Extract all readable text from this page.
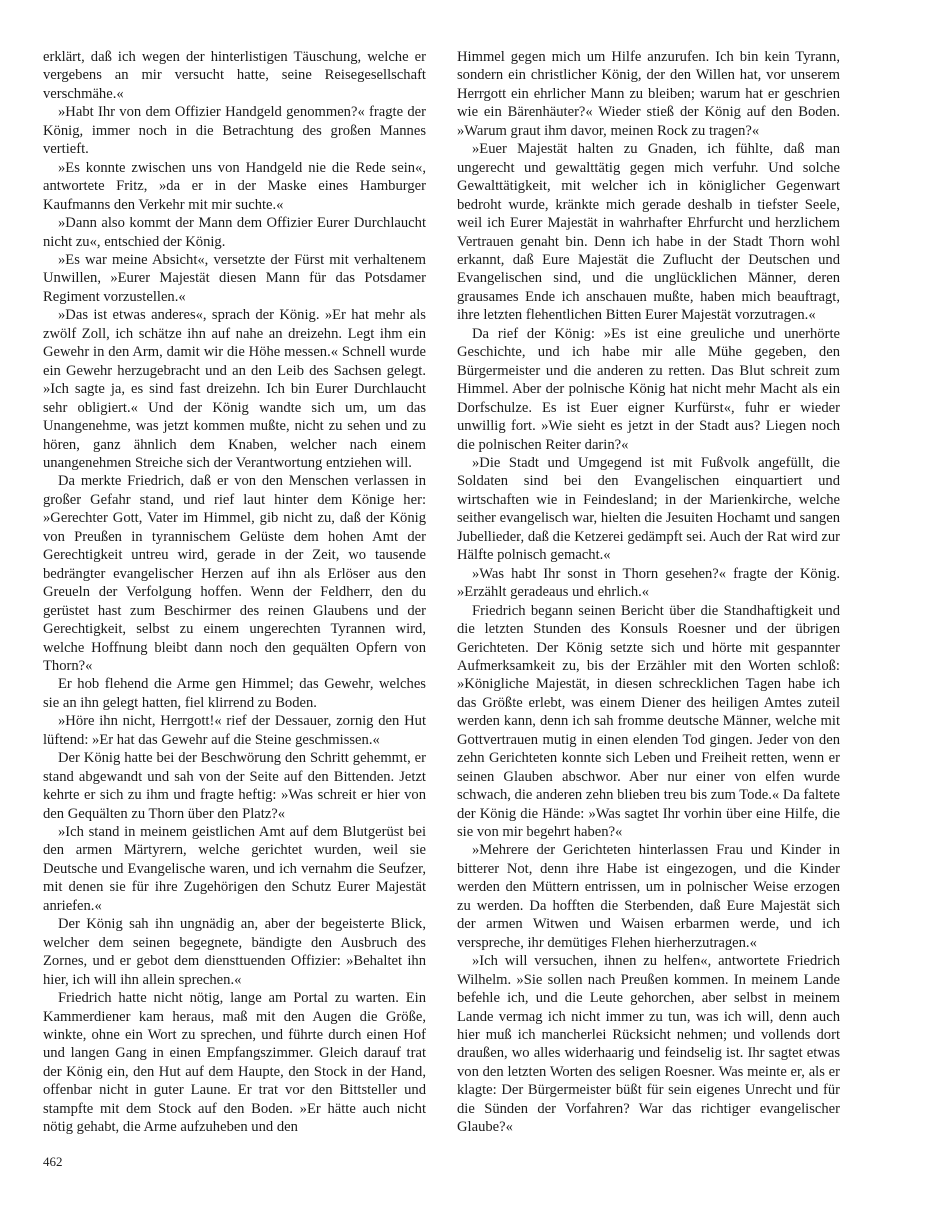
erklärt, daß ich wegen der hinterlistigen Täuschung, welche er vergebens an mir versucht hatte, seine Reisegesellschaft verschmähe.«

»Habt Ihr von dem Offizier Handgeld genommen?« fragte der König, immer noch in die Betrachtung des großen Mannes vertieft.

»Es konnte zwischen uns von Handgeld nie die Rede sein«, antwortete Fritz, »da er in der Maske eines Hamburger Kaufmanns den Verkehr mit mir suchte.«

»Dann also kommt der Mann dem Offizier Eurer Durchlaucht nicht zu«, entschied der König.

»Es war meine Absicht«, versetzte der Fürst mit verhaltenem Unwillen, »Eurer Majestät diesen Mann für das Potsdamer Regiment vorzustellen.«

»Das ist etwas anderes«, sprach der König. »Er hat mehr als zwölf Zoll, ich schätze ihn auf nahe an dreizehn. Legt ihm ein Gewehr in den Arm, damit wir die Höhe messen.« Schnell wurde ein Gewehr herzugebracht und an den Leib des Sachsen gelegt. »Ich sagte ja, es sind fast dreizehn. Ich bin Eurer Durchlaucht sehr obligiert.« Und der König wandte sich um, um das Unangenehme, was jetzt kommen mußte, nicht zu sehen und zu hören, ganz ähnlich dem Knaben, welcher nach einem unangenehmen Streiche sich der Verantwortung entziehen will.

Da merkte Friedrich, daß er von den Menschen verlassen in großer Gefahr stand, und rief laut hinter dem Könige her: »Gerechter Gott, Vater im Himmel, gib nicht zu, daß der König von Preußen in tyrannischem Gelüste dem hohen Amt der Gerechtigkeit untreu wird, gerade in der Zeit, wo tausende bedrängter evangelischer Herzen auf ihn als Erlöser aus den Greueln der Verfolgung hoffen. Wenn der Feldherr, den du gerüstet hast zum Beschirmer des reinen Glaubens und der Gerechtigkeit, selbst zu einem ungerechten Tyrannen wird, welche Hoffnung bleibt dann noch den gequälten Opfern von Thorn?«

Er hob flehend die Arme gen Himmel; das Gewehr, welches sie an ihn gelegt hatten, fiel klirrend zu Boden.

»Höre ihn nicht, Herrgott!« rief der Dessauer, zornig den Hut lüftend: »Er hat das Gewehr auf die Steine geschmissen.«

Der König hatte bei der Beschwörung den Schritt gehemmt, er stand abgewandt und sah von der Seite auf den Bittenden. Jetzt kehrte er sich zu ihm und fragte heftig: »Was schreit er hier von den Gequälten zu Thorn über den Platz?«

»Ich stand in meinem geistlichen Amt auf dem Blutgerüst bei den armen Märtyrern, welche gerichtet wurden, weil sie Deutsche und Evangelische waren, und ich vernahm die Seufzer, mit denen sie für ihre Zugehörigen den Schutz Eurer Majestät anriefen.«

Der König sah ihn ungnädig an, aber der begeisterte Blick, welcher dem seinen begegnete, bändigte den Ausbruch des Zornes, und er gebot dem diensttuenden Offizier: »Behaltet ihn hier, ich will ihn allein sprechen.«

Friedrich hatte nicht nötig, lange am Portal zu warten. Ein Kammerdiener kam heraus, maß mit den Augen die Größe, winkte, ohne ein Wort zu sprechen, und führte durch einen Hof und langen Gang in einen Empfangszimmer. Gleich darauf trat der König ein, den Hut auf dem Haupte, den Stock in der Hand, offenbar nicht in guter Laune. Er trat vor den Bittsteller und stampfte mit dem Stock auf den Boden. »Er hätte auch nicht nötig gehabt, die Arme aufzuheben und den

Himmel gegen mich um Hilfe anzurufen. Ich bin kein Tyrann, sondern ein christlicher König, der den Willen hat, vor unserem Herrgott ein ehrlicher Mann zu bleiben; warum hat er geschrien wie ein Bärenhäuter?« Wieder stieß der König auf den Boden. »Warum graut ihm davor, meinen Rock zu tragen?«

»Euer Majestät halten zu Gnaden, ich fühlte, daß man ungerecht und gewalttätig gegen mich verfuhr. Und solche Gewalttätigkeit, mit welcher ich in königlicher Gegenwart bedroht wurde, kränkte mich gerade deshalb in tiefster Seele, weil ich Eurer Majestät in wahrhafter Ehrfurcht und herzlichem Vertrauen genaht bin. Denn ich habe in der Stadt Thorn wohl erkannt, daß Eure Majestät die Zuflucht der Deutschen und Evangelischen sind, und die unglücklichen Männer, deren grausames Ende ich anschauen mußte, haben mich beauftragt, ihre letzten flehentlichen Bitten Eurer Majestät vorzutragen.«

Da rief der König: »Es ist eine greuliche und unerhörte Geschichte, und ich habe mir alle Mühe gegeben, den Bürgermeister und die anderen zu retten. Das Blut schreit zum Himmel. Aber der polnische König hat nicht mehr Macht als ein Dorfschulze. Es ist Euer eigner Kurfürst«, fuhr er wieder unwillig fort. »Wie sieht es jetzt in der Stadt aus? Liegen noch die polnischen Reiter darin?«

»Die Stadt und Umgegend ist mit Fußvolk angefüllt, die Soldaten sind bei den Evangelischen einquartiert und wirtschaften wie in Feindesland; in der Marienkirche, welche seither evangelisch war, hielten die Jesuiten Hochamt und sangen Jubellieder, daß die Ketzerei gedämpft sei. Auch der Rat wird zur Hälfte polnisch gemacht.«

»Was habt Ihr sonst in Thorn gesehen?« fragte der König. »Erzählt geradeaus und ehrlich.«

Friedrich begann seinen Bericht über die Standhaftigkeit und die letzten Stunden des Konsuls Roesner und der übrigen Gerichteten. Der König setzte sich und hörte mit gespannter Aufmerksamkeit zu, bis der Erzähler mit den Worten schloß: »Königliche Majestät, in diesen schrecklichen Tagen habe ich das Größte erlebt, was einem Diener des heiligen Amtes zuteil werden kann, denn ich sah fromme deutsche Männer, welche mit Gottvertrauen mutig in einen elenden Tod gingen. Jeder von den zehn Gerichteten konnte sich Leben und Freiheit retten, wenn er seinen Glauben abschwor. Aber nur einer von elfen wurde schwach, die anderen zehn blieben treu bis zum Tode.« Da faltete der König die Hände: »Was sagtet Ihr vorhin über eine Hilfe, die sie von mir begehrt haben?«

»Mehrere der Gerichteten hinterlassen Frau und Kinder in bitterer Not, denn ihre Habe ist eingezogen, und die Kinder werden den Müttern entrissen, um in polnischer Weise erzogen zu werden. Da hofften die Sterbenden, daß Eure Majestät sich der armen Witwen und Waisen erbarmen werde, und ich verspreche, ihr demütiges Flehen hierherzutragen.«

»Ich will versuchen, ihnen zu helfen«, antwortete Friedrich Wilhelm. »Sie sollen nach Preußen kommen. In meinem Lande befehle ich, und die Leute gehorchen, aber selbst in meinem Lande vermag ich nicht immer zu tun, was ich will, denn auch hier muß ich mancherlei Rücksicht nehmen; und vollends dort draußen, wo alles widerhaarig und feindselig ist. Ihr sagtet etwas von den letzten Worten des seligen Roesner. Was meinte er, als er klagte: Der Bürgermeister büßt für sein eigenes Unrecht und für die Sünden der Vorfahren? War das richtiger evangelischer Glaube?«

462
